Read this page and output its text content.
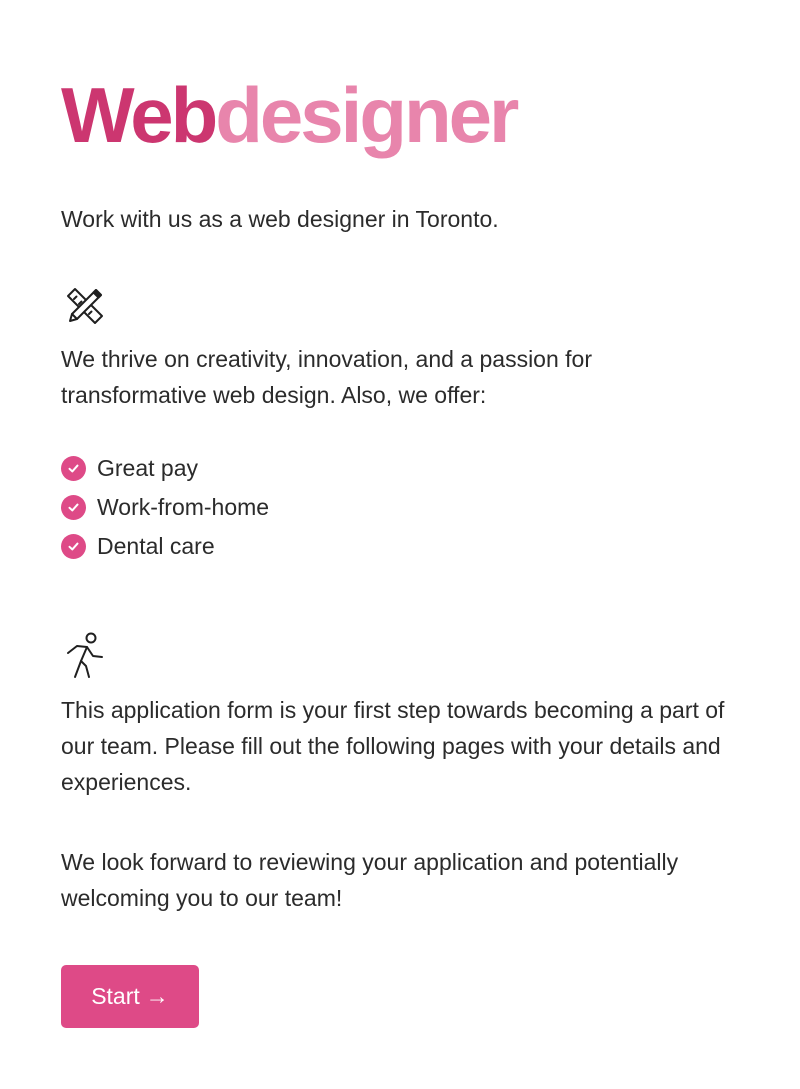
Webdesigner

Work with us as a web designer in Toronto.

We thrive on creativity, innovation, and a passion for transformative web design. Also, we offer:

Great pay
Work-from-home
Dental care

This application form is your first step towards becoming a part of our team. Please fill out the following pages with your details and experiences.

We look forward to reviewing your application and potentially welcoming you to our team!

Start →
